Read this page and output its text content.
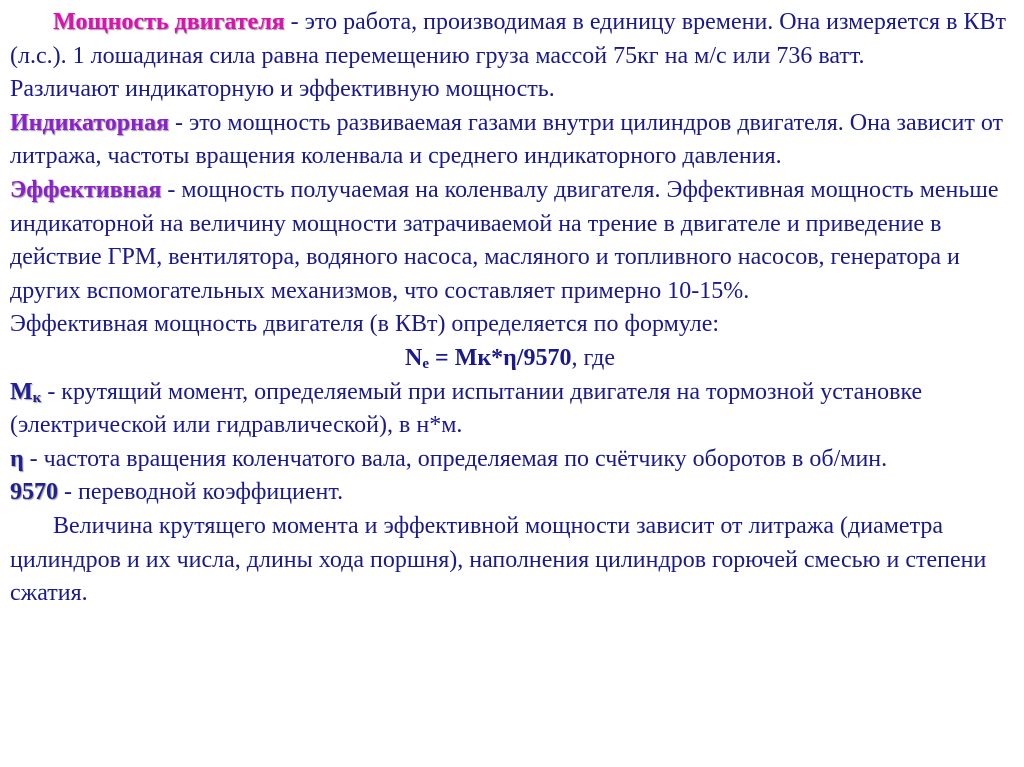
Мощность двигателя - это работа, производимая в единицу времени. Она измеряется в КВт (л.с.). 1 лошадиная сила равна перемещению груза массой 75кг на м/с или 736 ватт.

Различают индикаторную и эффективную мощность.

Индикаторная - это мощность развиваемая газами внутри цилиндров двигателя. Она зависит от литража, частоты вращения коленвала и среднего индикаторного давления.

Эффективная - мощность получаемая на коленвалу двигателя. Эффективная мощность меньше индикаторной на величину мощности затрачиваемой на трение в двигателе и приведение в действие ГРМ, вентилятора, водяного насоса, масляного и топливного насосов, генератора и других вспомогательных механизмов, что составляет примерно 10-15%.

Эффективная мощность двигателя (в КВт) определяется по формуле:

$N_e = Мк*\eta/9570$, где

$М_к$ - крутящий момент, определяемый при испытании двигателя на тормозной установке (электрической или гидравлической), в н*м.

η - частота вращения коленчатого вала, определяемая по счётчику оборотов в об/мин.

9570 - переводной коэффициент.

Величина крутящего момента и эффективной мощности зависит от литража (диаметра цилиндров и их числа, длины хода поршня), наполнения цилиндров горючей смесью и степени сжатия.
